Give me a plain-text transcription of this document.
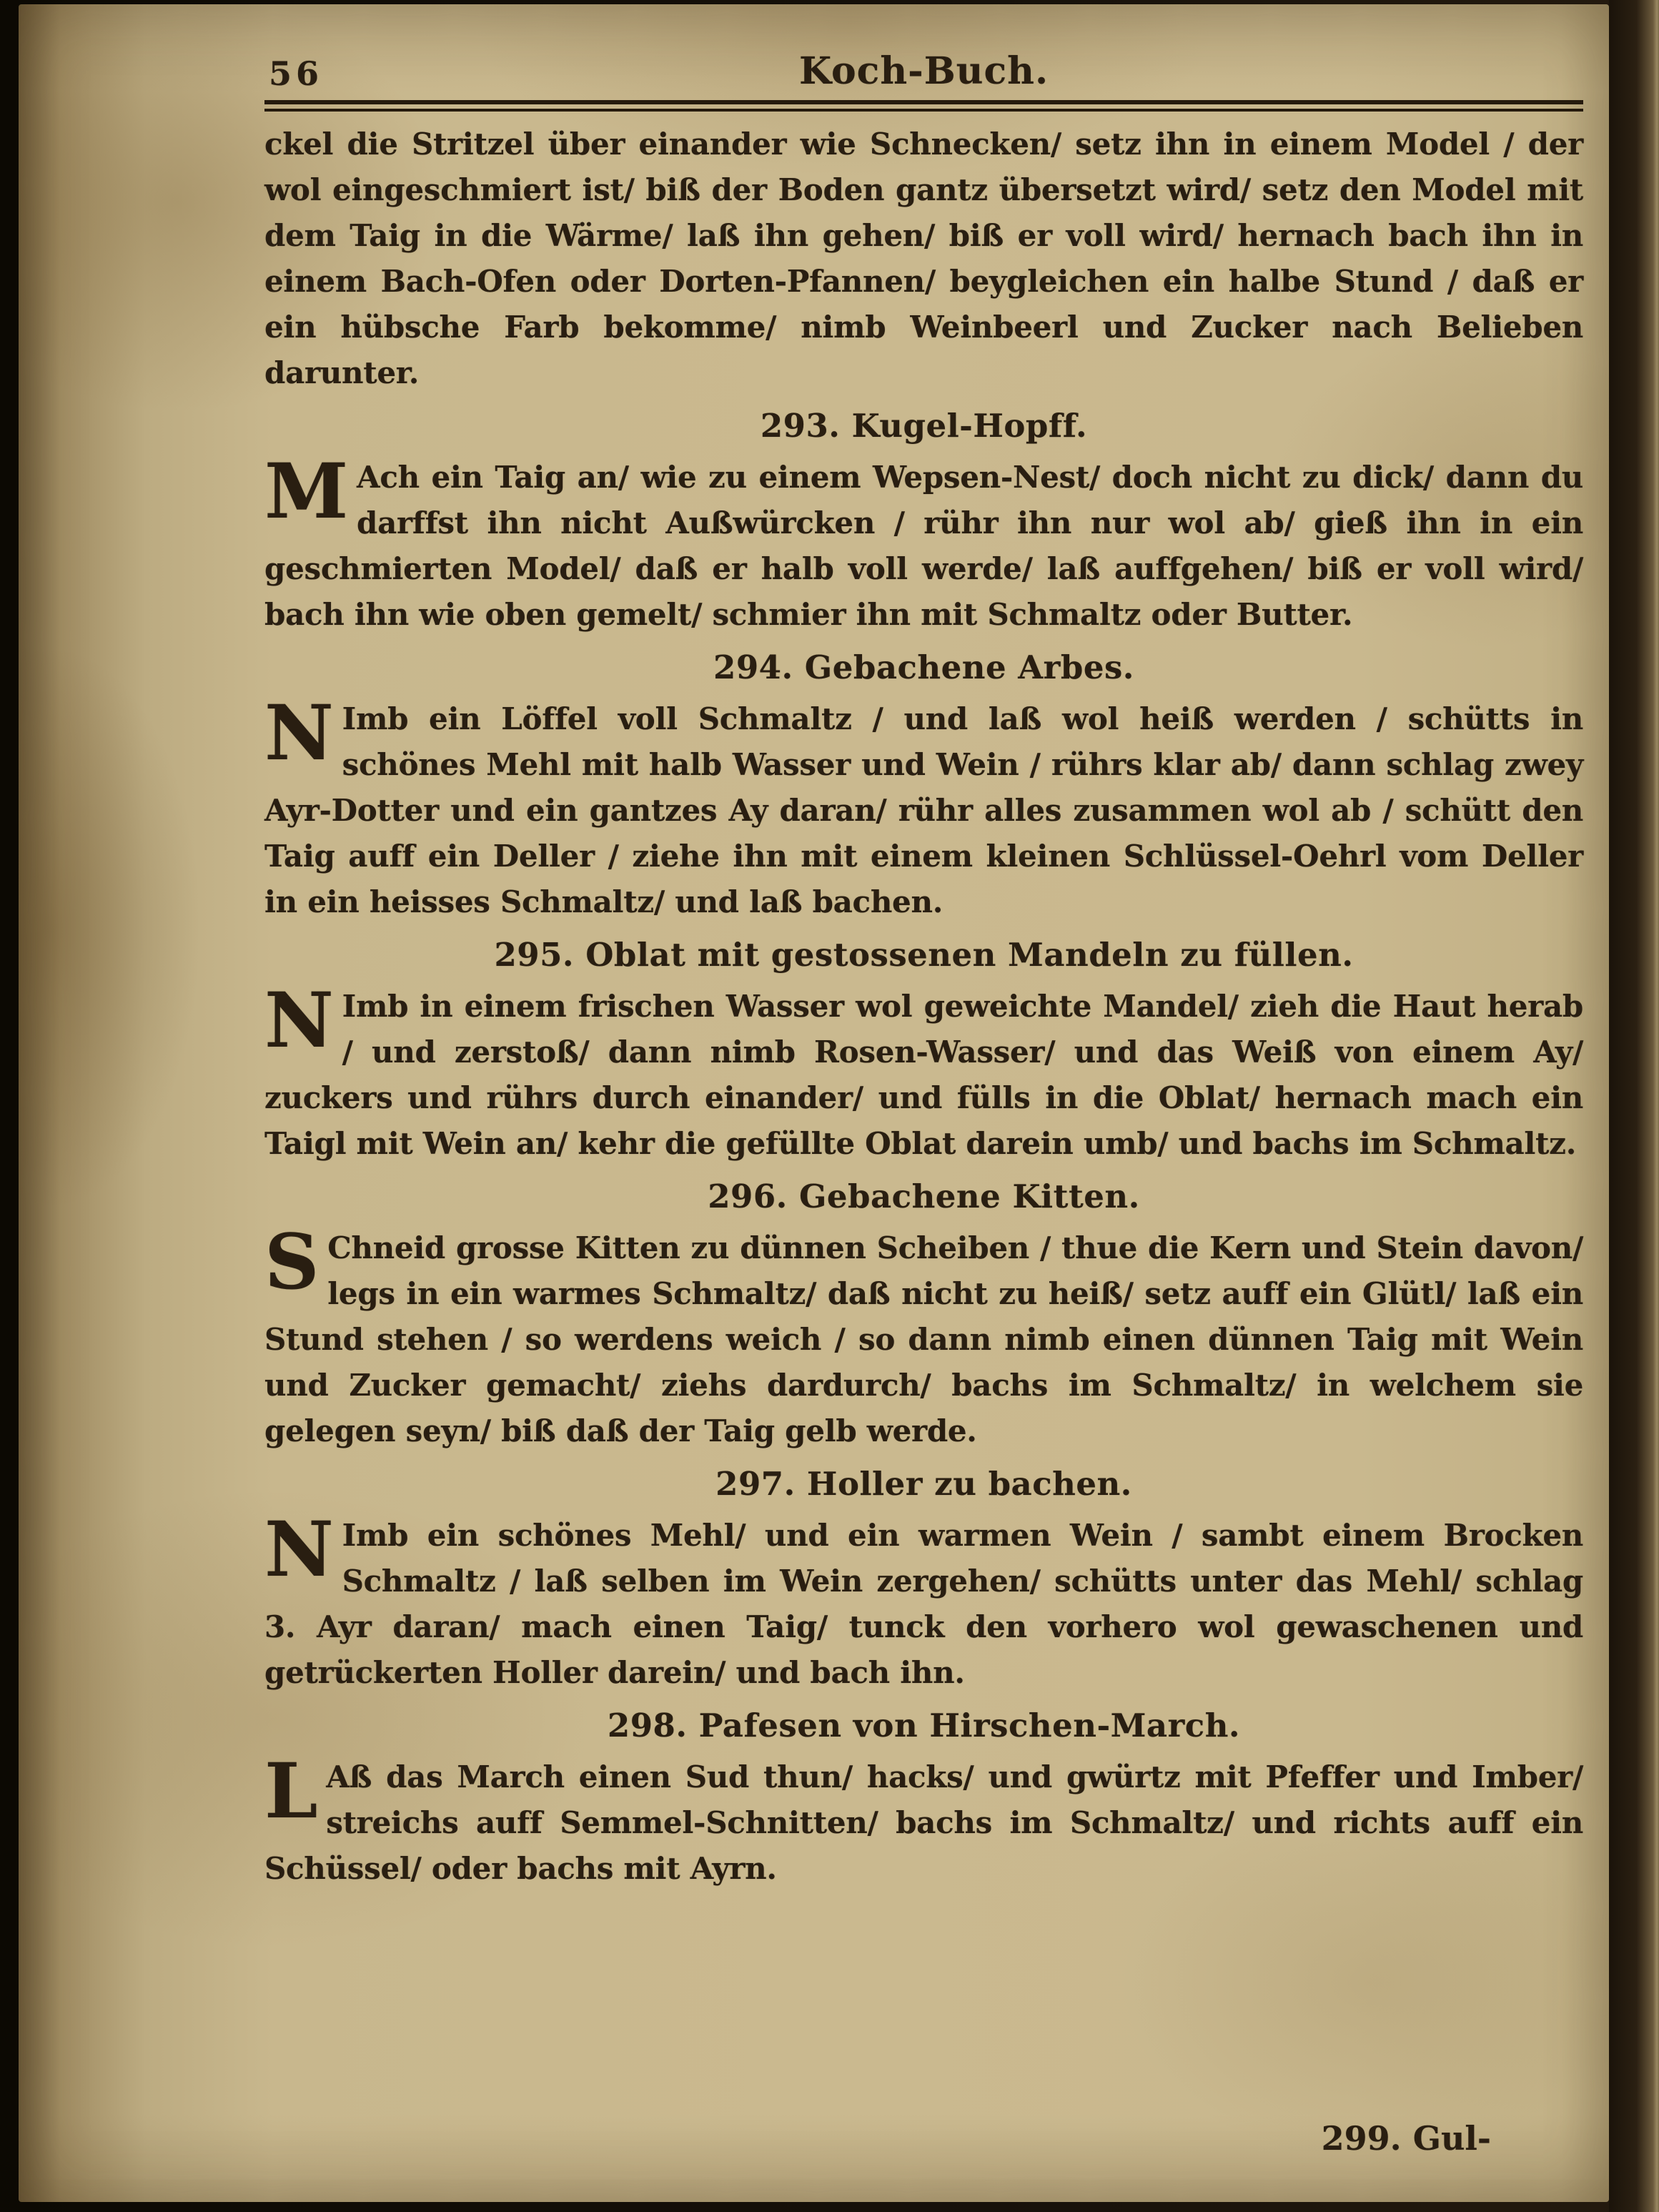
56	Koch-Buch.

ckel die Stritzel über einander wie Schnecken/ setz ihn in einem Model / der wol eingeschmiert ist/ biß der Boden gantz übersetzt wird/ setz den Model mit dem Taig in die Wärme/ laß ihn gehen/ biß er voll wird/ hernach bach ihn in einem Bach-Ofen oder Dorten-Pfannen/ beygleichen ein halbe Stund / daß er ein hübsche Farb bekomme/ nimb Weinbeerl und Zucker nach Belieben darunter.

293. Kugel-Hopff.

M Ach ein Taig an/ wie zu einem Wepsen-Nest/ doch nicht zu dick/ dann du darffst ihn nicht Außwürcken / rühr ihn nur wol ab/ gieß ihn in ein geschmierten Model/ daß er halb voll werde/ laß auffgehen/ biß er voll wird/ bach ihn wie oben gemelt/ schmier ihn mit Schmaltz oder Butter.

294. Gebachene Arbes.

N Imb ein Löffel voll Schmaltz / und laß wol heiß werden / schütts in schönes Mehl mit halb Wasser und Wein / rührs klar ab/ dann schlag zwey Ayr-Dotter und ein gantzes Ay daran/ rühr alles zusammen wol ab / schütt den Taig auff ein Deller / ziehe ihn mit einem kleinen Schlüssel-Oehrl vom Deller in ein heisses Schmaltz/ und laß bachen.

295. Oblat mit gestossenen Mandeln zu füllen.

N Imb in einem frischen Wasser wol geweichte Mandel/ zieh die Haut herab / und zerstoß/ dann nimb Rosen-Wasser/ und das Weiß von einem Ay/ zuckers und rührs durch einander/ und fülls in die Oblat/ hernach mach ein Taigl mit Wein an/ kehr die gefüllte Oblat darein umb/ und bachs im Schmaltz.

296. Gebachene Kitten.

S Chneid grosse Kitten zu dünnen Scheiben / thue die Kern und Stein davon/ legs in ein warmes Schmaltz/ daß nicht zu heiß/ setz auff ein Glütl/ laß ein Stund stehen / so werdens weich / so dann nimb einen dünnen Taig mit Wein und Zucker gemacht/ ziehs dardurch/ bachs im Schmaltz/ in welchem sie gelegen seyn/ biß daß der Taig gelb werde.

297. Holler zu bachen.

N Imb ein schönes Mehl/ und ein warmen Wein / sambt einem Brocken Schmaltz / laß selben im Wein zergehen/ schütts unter das Mehl/ schlag 3. Ayr daran/ mach einen Taig/ tunck den vorhero wol gewaschenen und getrückerten Holler darein/ und bach ihn.

298. Pafesen von Hirschen-March.

L Aß das March einen Sud thun/ hacks/ und gwürtz mit Pfeffer und Imber/ streichs auff Semmel-Schnitten/ bachs im Schmaltz/ und richts auff ein Schüssel/ oder bachs mit Ayrn.

299. Gul-
